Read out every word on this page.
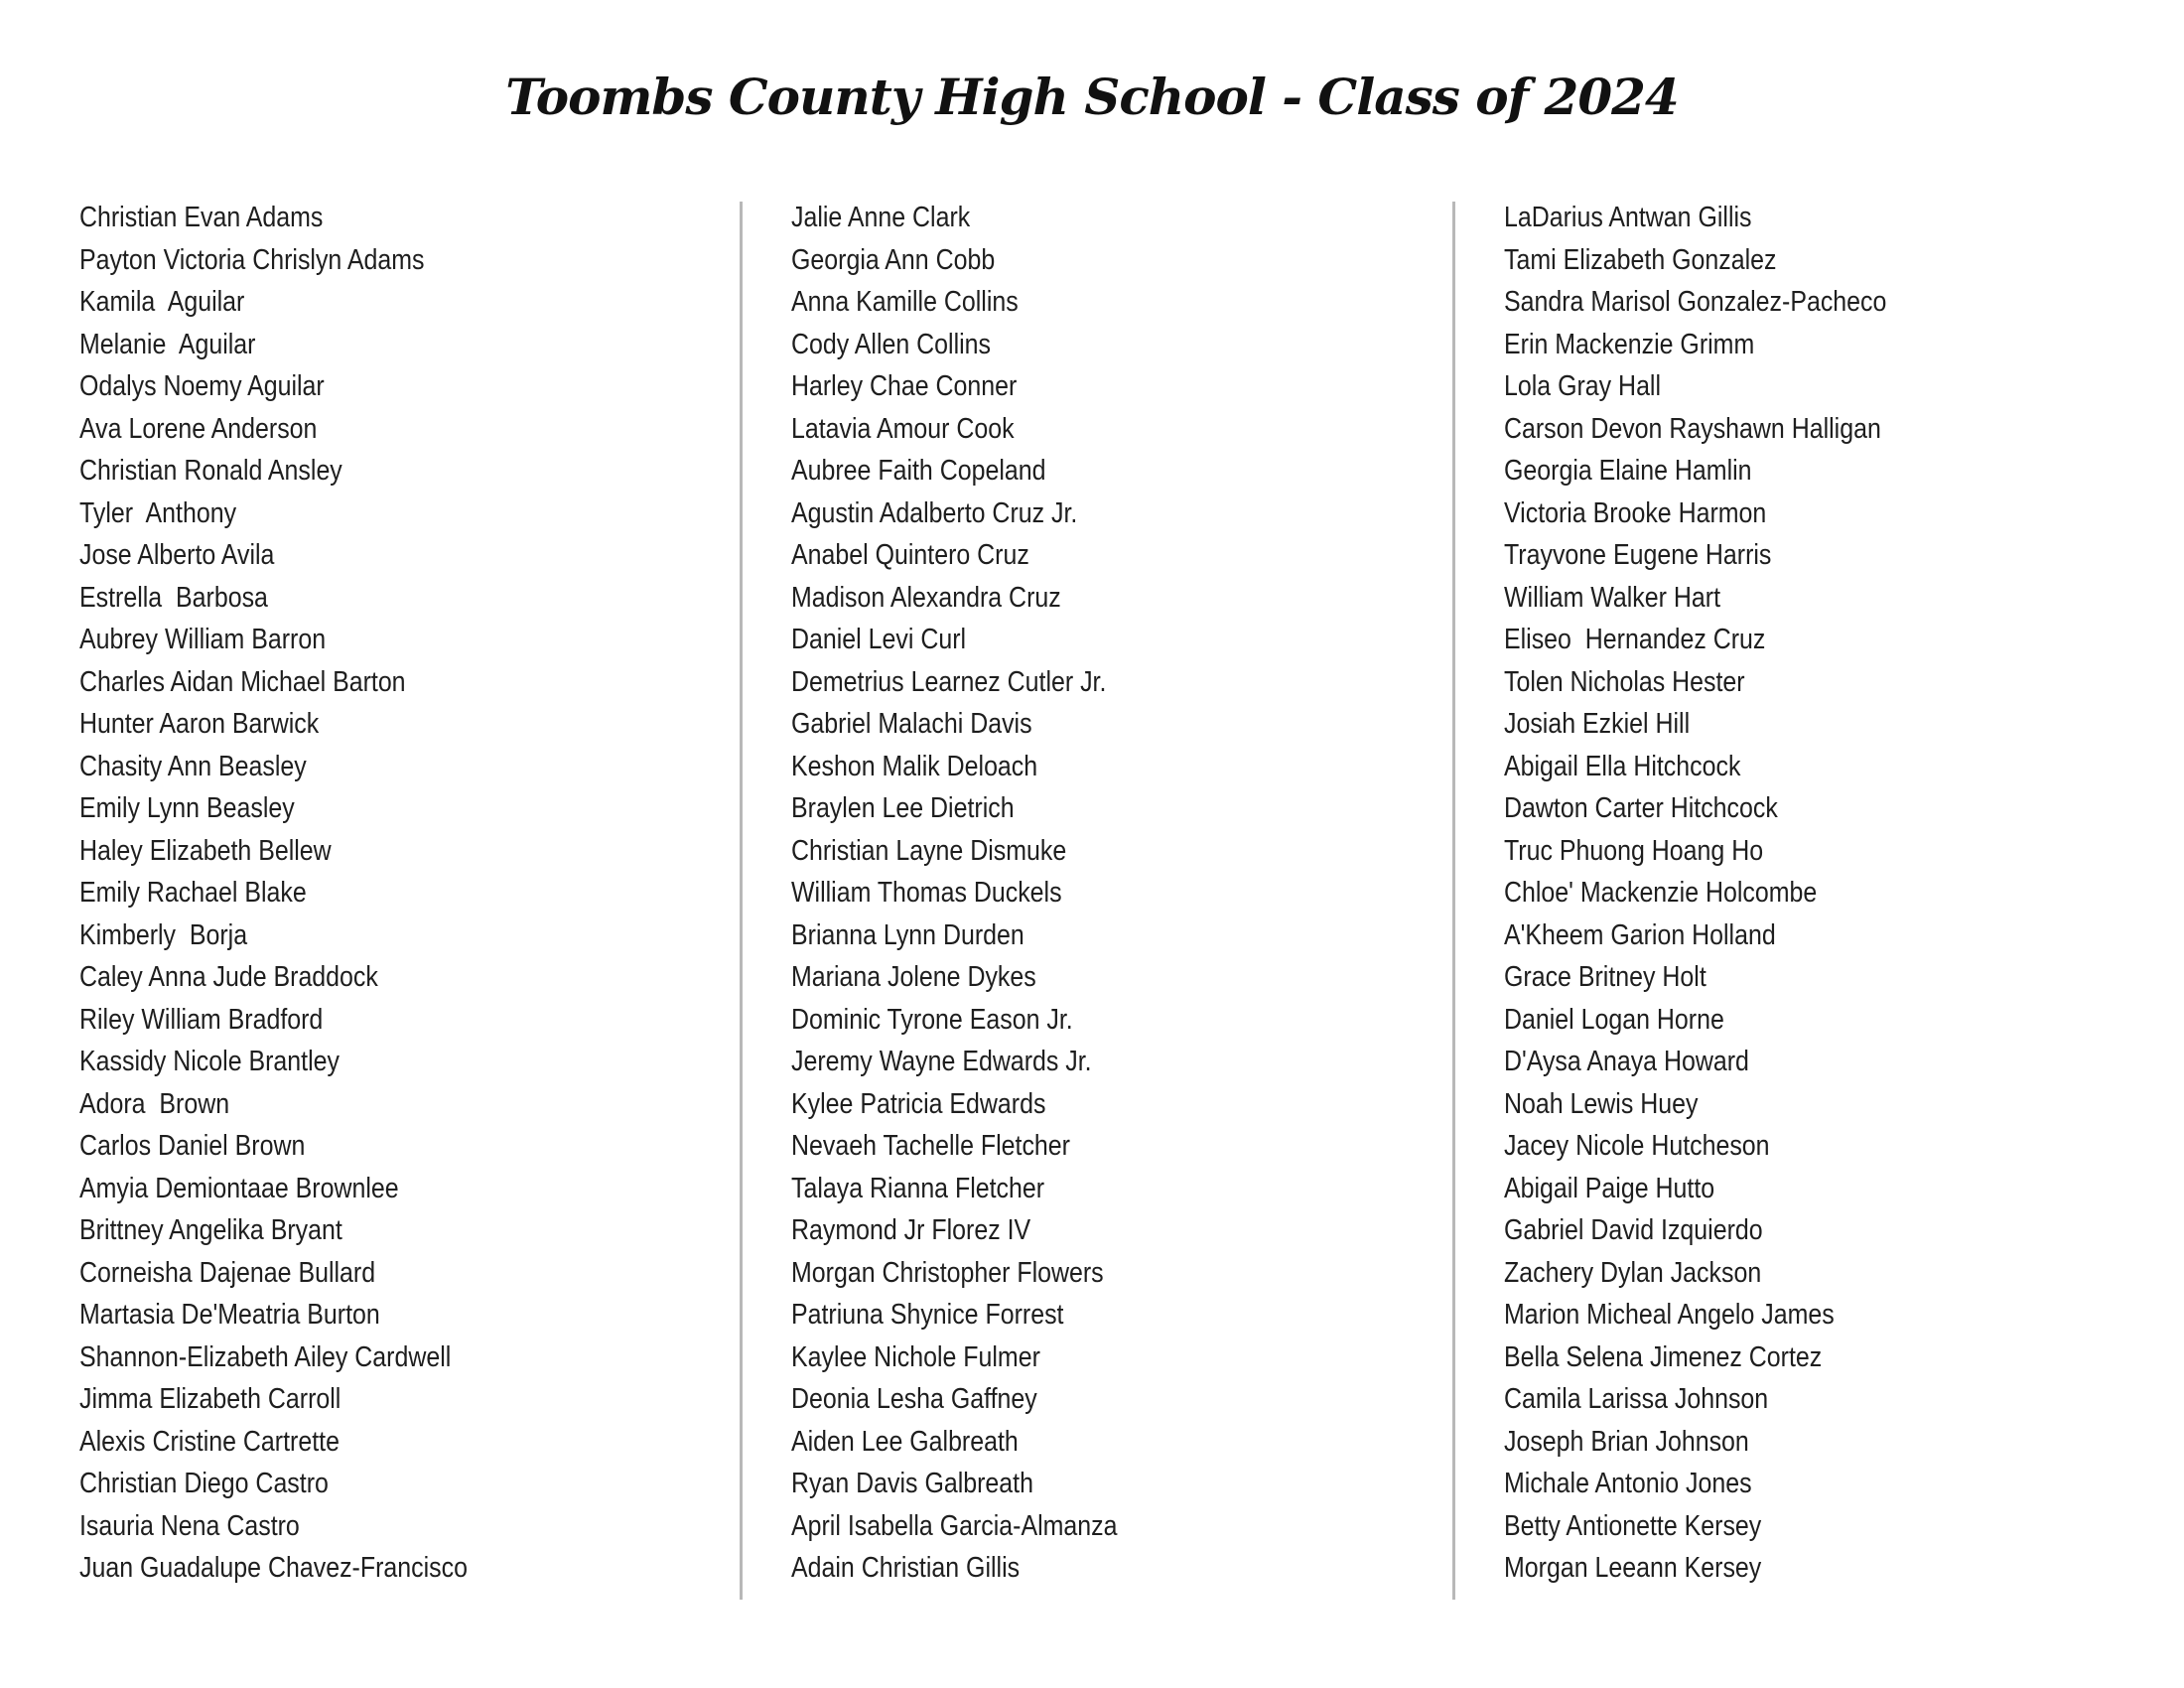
Toombs County High School - Class of 2024
Christian Evan Adams
Payton Victoria Chrislyn Adams
Kamila  Aguilar
Melanie  Aguilar
Odalys Noemy Aguilar
Ava Lorene Anderson
Christian Ronald Ansley
Tyler  Anthony
Jose Alberto Avila
Estrella  Barbosa
Aubrey William Barron
Charles Aidan Michael Barton
Hunter Aaron Barwick
Chasity Ann Beasley
Emily Lynn Beasley
Haley Elizabeth Bellew
Emily Rachael Blake
Kimberly  Borja
Caley Anna Jude Braddock
Riley William Bradford
Kassidy Nicole Brantley
Adora  Brown
Carlos Daniel Brown
Amyia Demiontaae Brownlee
Brittney Angelika Bryant
Corneisha Dajenae Bullard
Martasia De'Meatria Burton
Shannon-Elizabeth Ailey Cardwell
Jimma Elizabeth Carroll
Alexis Cristine Cartrette
Christian Diego Castro
Isauria Nena Castro
Juan Guadalupe Chavez-Francisco
Jalie Anne Clark
Georgia Ann Cobb
Anna Kamille Collins
Cody Allen Collins
Harley Chae Conner
Latavia Amour Cook
Aubree Faith Copeland
Agustin Adalberto Cruz Jr.
Anabel Quintero Cruz
Madison Alexandra Cruz
Daniel Levi Curl
Demetrius Learnez Cutler Jr.
Gabriel Malachi Davis
Keshon Malik Deloach
Braylen Lee Dietrich
Christian Layne Dismuke
William Thomas Duckels
Brianna Lynn Durden
Mariana Jolene Dykes
Dominic Tyrone Eason Jr.
Jeremy Wayne Edwards Jr.
Kylee Patricia Edwards
Nevaeh Tachelle Fletcher
Talaya Rianna Fletcher
Raymond Jr Florez IV
Morgan Christopher Flowers
Patriuna Shynice Forrest
Kaylee Nichole Fulmer
Deonia Lesha Gaffney
Aiden Lee Galbreath
Ryan Davis Galbreath
April Isabella Garcia-Almanza
Adain Christian Gillis
LaDarius Antwan Gillis
Tami Elizabeth Gonzalez
Sandra Marisol Gonzalez-Pacheco
Erin Mackenzie Grimm
Lola Gray Hall
Carson Devon Rayshawn Halligan
Georgia Elaine Hamlin
Victoria Brooke Harmon
Trayvone Eugene Harris
William Walker Hart
Eliseo  Hernandez Cruz
Tolen Nicholas Hester
Josiah Ezkiel Hill
Abigail Ella Hitchcock
Dawton Carter Hitchcock
Truc Phuong Hoang Ho
Chloe' Mackenzie Holcombe
A'Kheem Garion Holland
Grace Britney Holt
Daniel Logan Horne
D'Aysa Anaya Howard
Noah Lewis Huey
Jacey Nicole Hutcheson
Abigail Paige Hutto
Gabriel David Izquierdo
Zachery Dylan Jackson
Marion Micheal Angelo James
Bella Selena Jimenez Cortez
Camila Larissa Johnson
Joseph Brian Johnson
Michale Antonio Jones
Betty Antionette Kersey
Morgan Leeann Kersey
